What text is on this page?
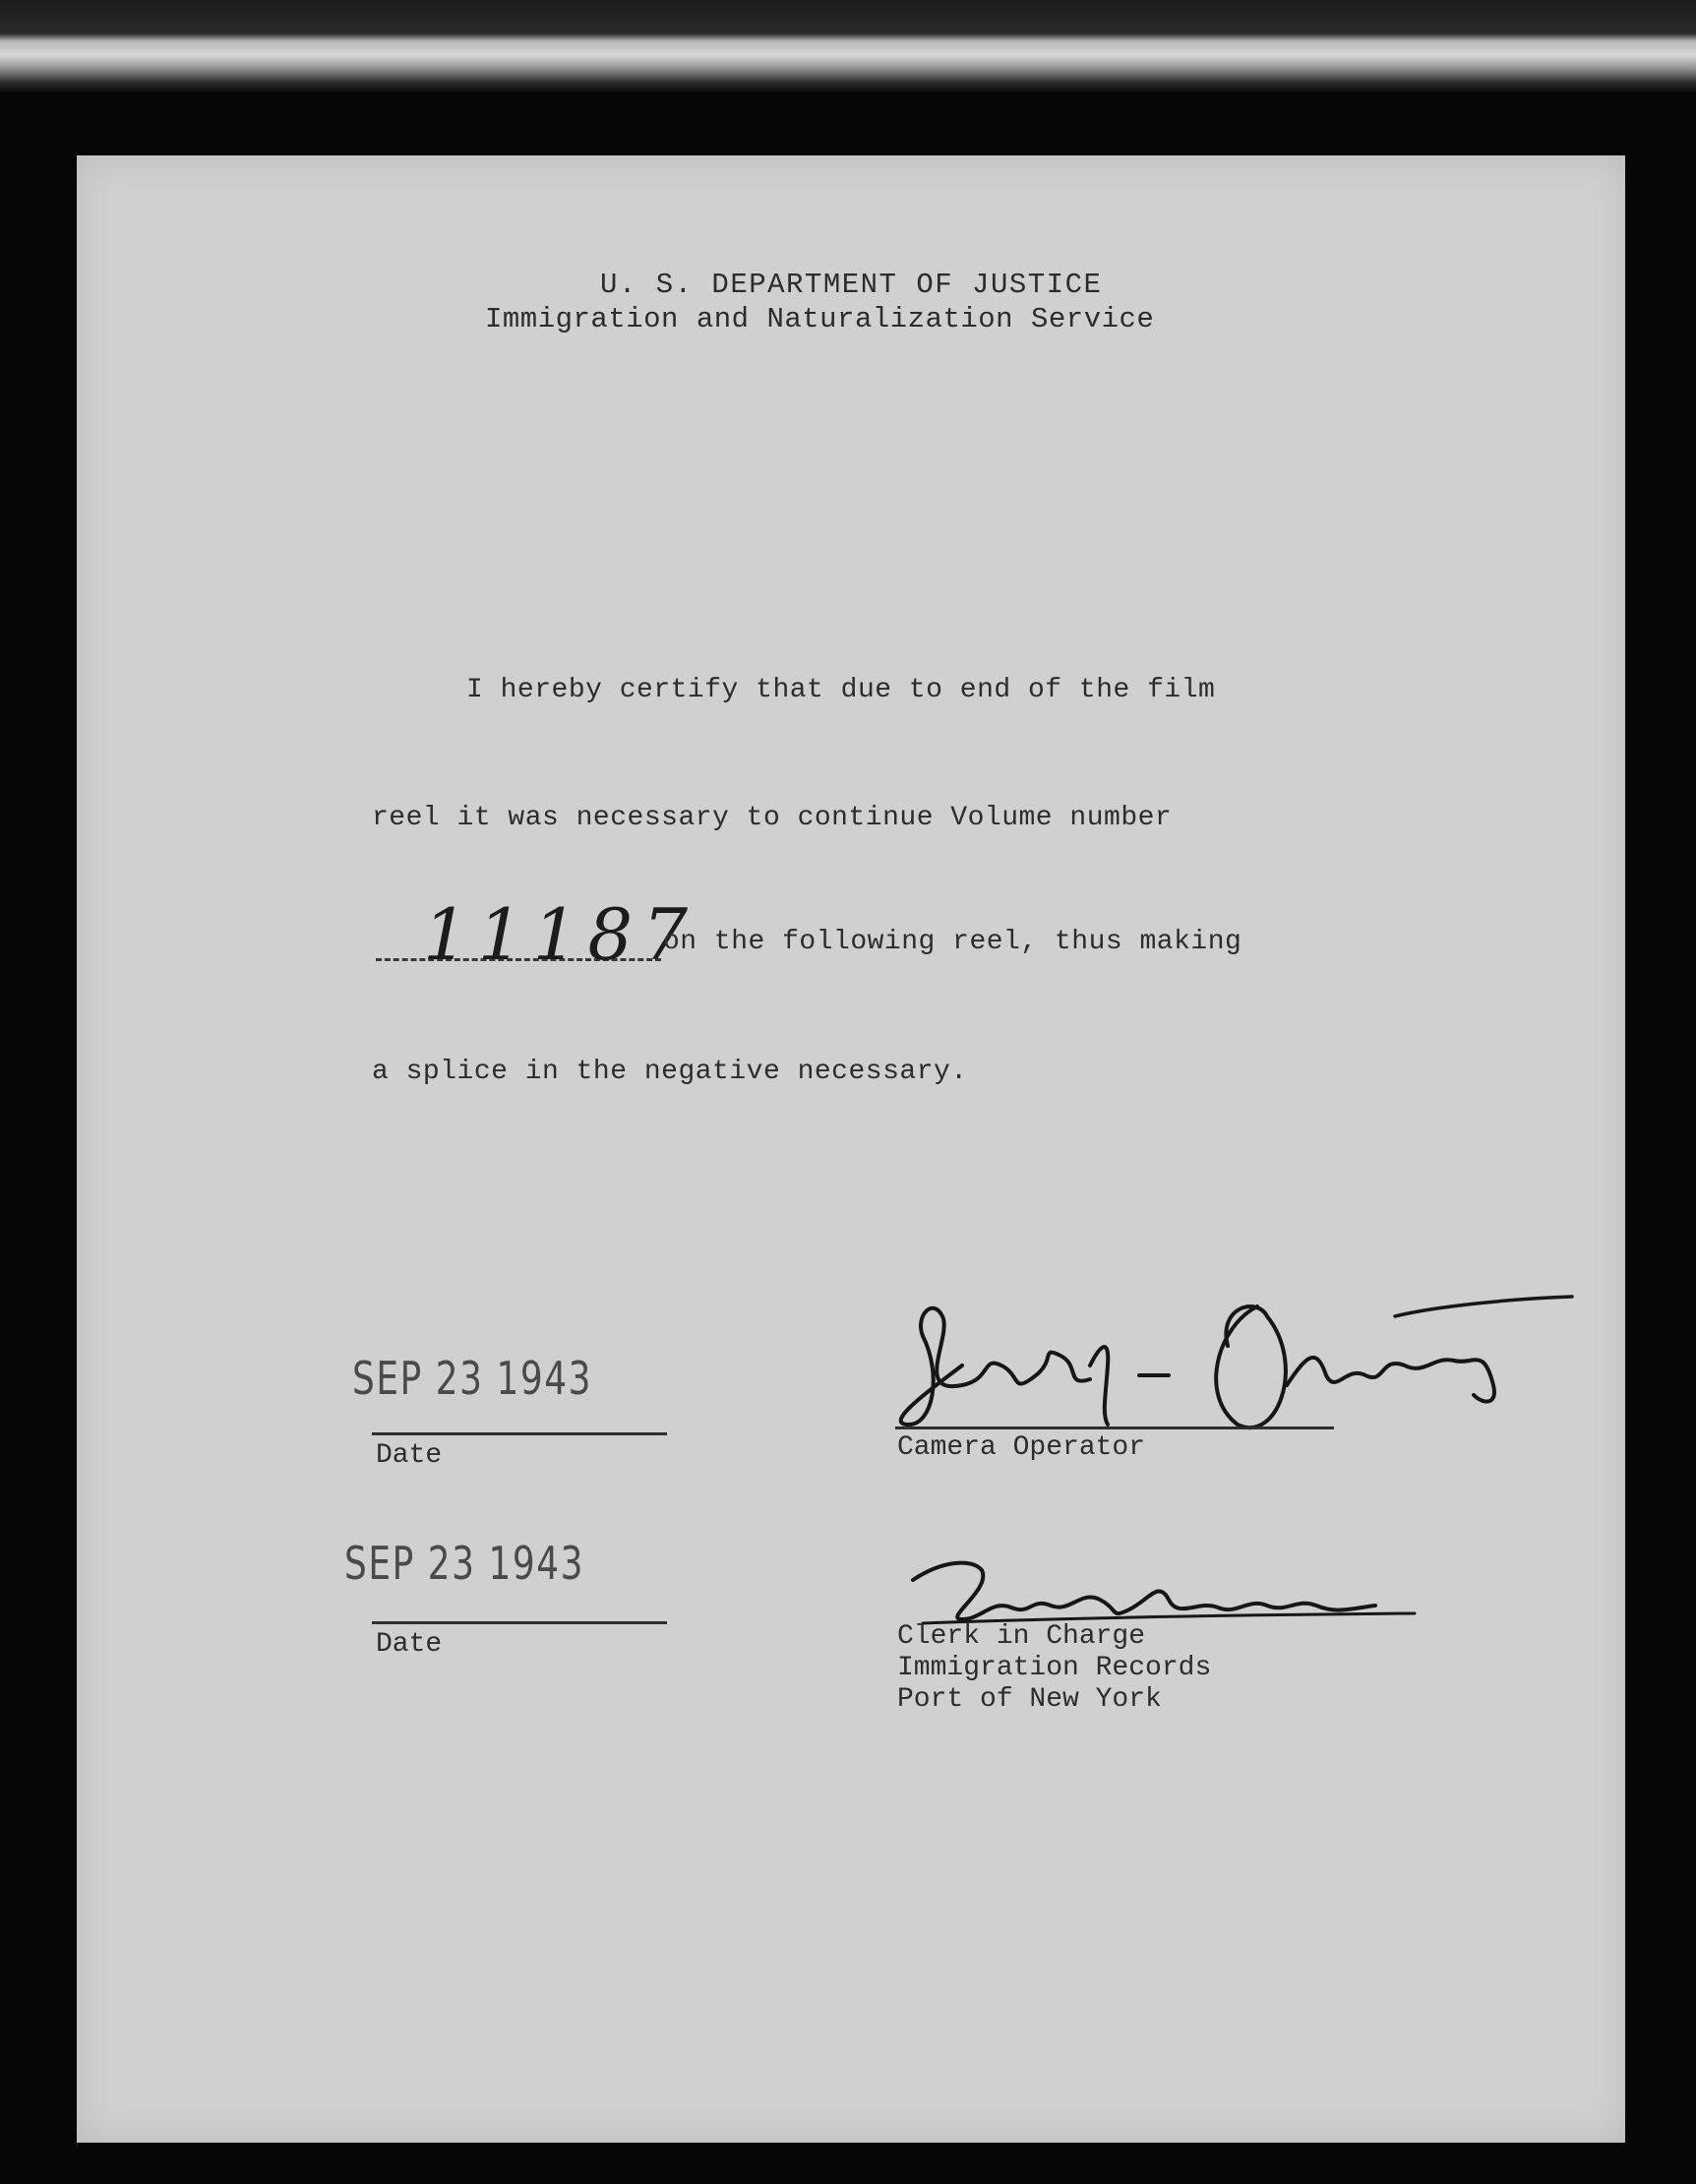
U. S. DEPARTMENT OF JUSTICE
Immigration and Naturalization Service
I hereby certify that due to end of the film
reel it was necessary to continue Volume number
11187
on the following reel, thus making
a splice in the negative necessary.
SEP 23 1943
Date	Camera Operator
SEP 23 1943
Date	Clerk in Charge
Immigration Records
Port of New York
